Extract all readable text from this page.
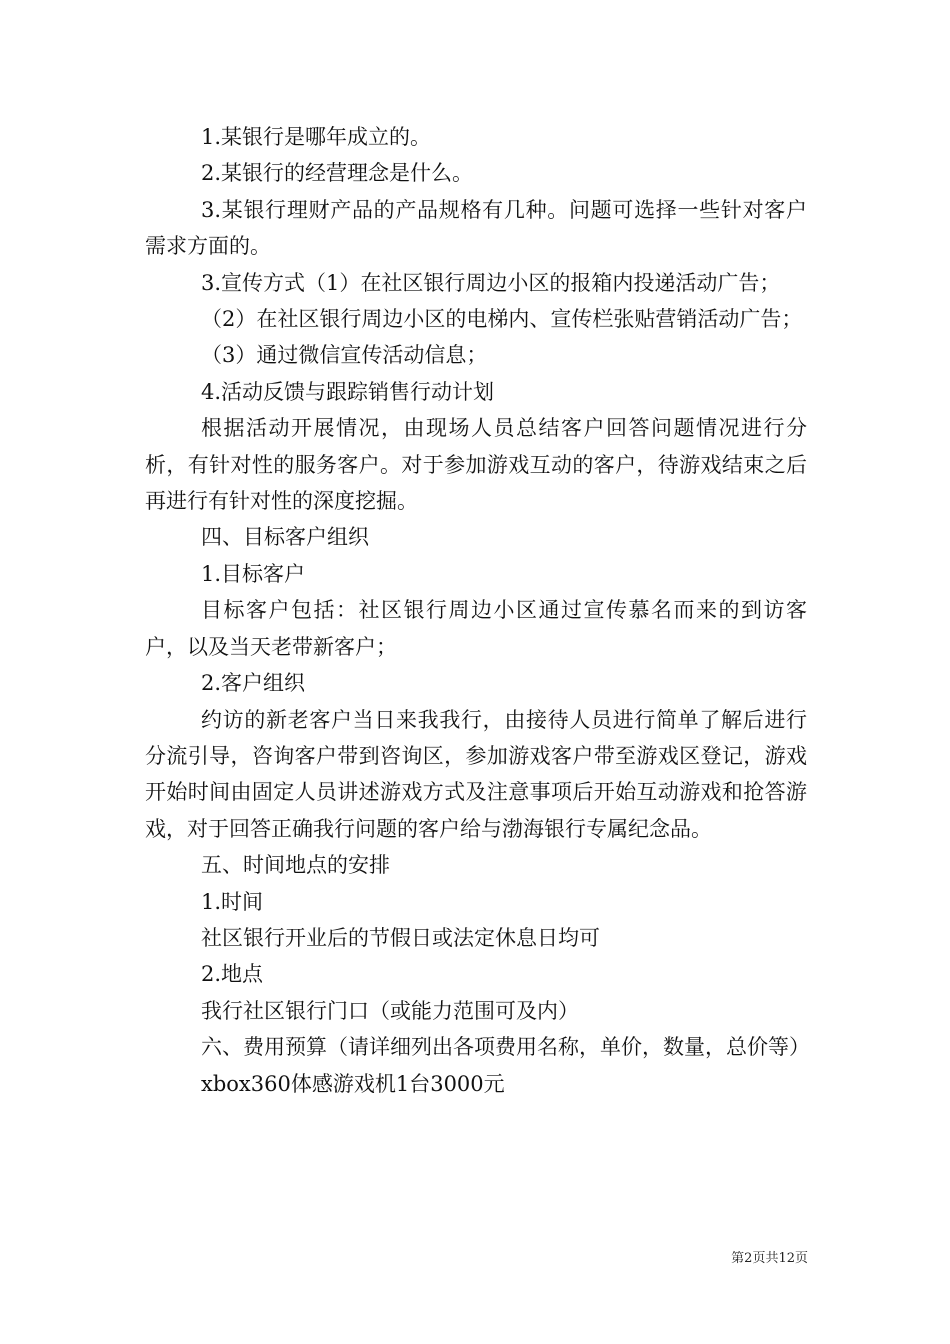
1.某银行是哪年成立的。

2.某银行的经营理念是什么。

3.某银行理财产品的产品规格有几种。问题可选择一些针对客户需求方面的。

3.宣传方式（1）在社区银行周边小区的报箱内投递活动广告；

（2）在社区银行周边小区的电梯内、宣传栏张贴营销活动广告；

（3）通过微信宣传活动信息；

4.活动反馈与跟踪销售行动计划

根据活动开展情况，由现场人员总结客户回答问题情况进行分析，有针对性的服务客户。对于参加游戏互动的客户，待游戏结束之后再进行有针对性的深度挖掘。

四、目标客户组织

1.目标客户

目标客户包括：社区银行周边小区通过宣传慕名而来的到访客户，以及当天老带新客户；

2.客户组织

约访的新老客户当日来我我行，由接待人员进行简单了解后进行分流引导，咨询客户带到咨询区，参加游戏客户带至游戏区登记，游戏开始时间由固定人员讲述游戏方式及注意事项后开始互动游戏和抢答游戏，对于回答正确我行问题的客户给与渤海银行专属纪念品。

五、时间地点的安排

1.时间

社区银行开业后的节假日或法定休息日均可

2.地点

我行社区银行门口（或能力范围可及内）

六、费用预算（请详细列出各项费用名称，单价，数量，总价等）

xbox360体感游戏机1台3000元

第2页共12页
